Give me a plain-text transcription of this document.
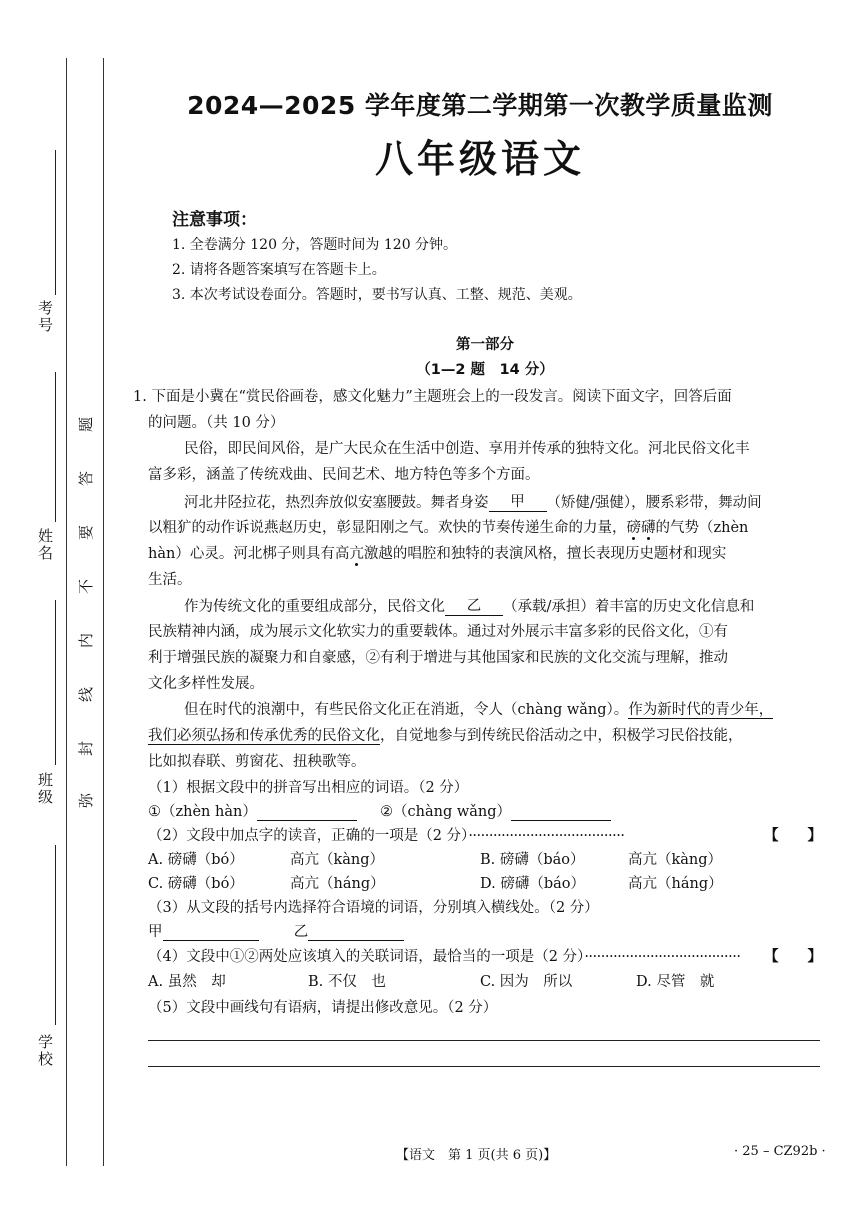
考号
姓名
班级
学校
弥
封
线
内
不
要
答
题
2024—2025 学年度第二学期第一次教学质量监测
八年级语文
注意事项：
1. 全卷满分 120 分，答题时间为 120 分钟。
2. 请将各题答案填写在答题卡上。
3. 本次考试设卷面分。答题时，要书写认真、工整、规范、美观。
第一部分
（1—2 题　14 分）
1. 下面是小冀在“赏民俗画卷，感文化魅力”主题班会上的一段发言。阅读下面文字，回答后面
的问题。（共 10 分）
民俗，即民间风俗，是广大民众在生活中创造、享用并传承的独特文化。河北民俗文化丰
富多彩，涵盖了传统戏曲、民间艺术、地方特色等多个方面。
河北井陉拉花，热烈奔放似安塞腰鼓。舞者身姿 甲 （矫健/强健），腰系彩带，舞动间
以粗犷的动作诉说燕赵历史，彰显阳刚之气。欢快的节奏传递生命的力量，磅礴的气势（zhèn
hàn）心灵。河北梆子则具有高亢激越的唱腔和独特的表演风格，擅长表现历史题材和现实
生活。
作为传统文化的重要组成部分，民俗文化 乙 （承载/承担）着丰富的历史文化信息和
民族精神内涵，成为展示文化软实力的重要载体。通过对外展示丰富多彩的民俗文化，①有
利于增强民族的凝聚力和自豪感，②有利于增进与其他国家和民族的文化交流与理解，推动
文化多样性发展。
但在时代的浪潮中，有些民俗文化正在消逝，令人（chàng wǎng）。作为新时代的青少年，
我们必须弘扬和传承优秀的民俗文化，自觉地参与到传统民俗活动之中，积极学习民俗技能，
比如拟春联、剪窗花、扭秧歌等。
（1）根据文段中的拼音写出相应的词语。（2 分）
①（zhèn hàn）	②（chàng wǎng）
（2）文段中加点字的读音，正确的一项是（2 分）······································	【　　】
A. 磅礴（bó）	高亢（kàng）	B. 磅礴（báo）	高亢（kàng）
C. 磅礴（bó）	高亢（háng）	D. 磅礴（báo）	高亢（háng）
（3）从文段的括号内选择符合语境的词语，分别填入横线处。（2 分）
甲	乙
（4）文段中①②两处应该填入的关联词语，最恰当的一项是（2 分）······································ 【　　】
A. 虽然　却	B. 不仅　也	C. 因为　所以	D. 尽管　就
（5）文段中画线句有语病，请提出修改意见。（2 分）
【语文　第 1 页(共 6 页)】	· 25 – CZ92b ·
